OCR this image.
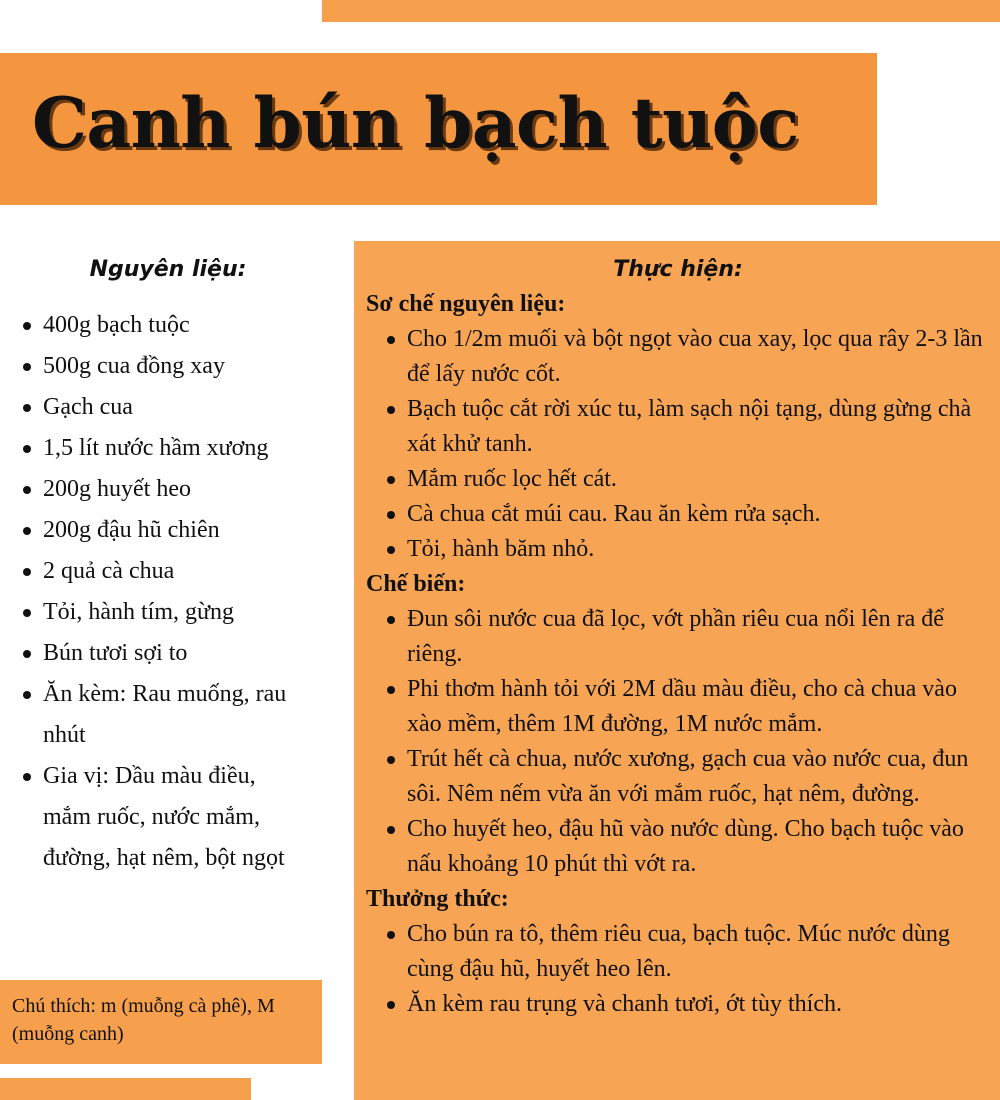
Canh bún bạch tuộc
Nguyên liệu:
400g bạch tuộc
500g cua đồng xay
Gạch cua
1,5 lít nước hầm xương
200g huyết heo
200g đậu hũ chiên
2 quả cà chua
Tỏi, hành tím, gừng
Bún tươi sợi to
Ăn kèm: Rau muống, rau nhút
Gia vị: Dầu màu điều, mắm ruốc, nước mắm, đường, hạt nêm, bột ngọt
Chú thích: m (muỗng cà phê), M (muỗng canh)
Thực hiện:
Sơ chế nguyên liệu:
Cho 1/2m muối và bột ngọt vào cua xay, lọc qua rây 2-3 lần để lấy nước cốt.
Bạch tuộc cắt rời xúc tu, làm sạch nội tạng, dùng gừng chà xát khử tanh.
Mắm ruốc lọc hết cát.
Cà chua cắt múi cau. Rau ăn kèm rửa sạch.
Tỏi, hành băm nhỏ.
Chế biến:
Đun sôi nước cua đã lọc, vớt phần riêu cua nổi lên ra để riêng.
Phi thơm hành tỏi với 2M dầu màu điều, cho cà chua vào xào mềm, thêm 1M đường, 1M nước mắm.
Trút hết cà chua, nước xương, gạch cua vào nước cua, đun sôi. Nêm nếm vừa ăn với mắm ruốc, hạt nêm, đường.
Cho huyết heo, đậu hũ vào nước dùng. Cho bạch tuộc vào nấu khoảng 10 phút thì vớt ra.
Thưởng thức:
Cho bún ra tô, thêm riêu cua, bạch tuộc. Múc nước dùng cùng đậu hũ, huyết heo lên.
Ăn kèm rau trụng và chanh tươi, ớt tùy thích.
